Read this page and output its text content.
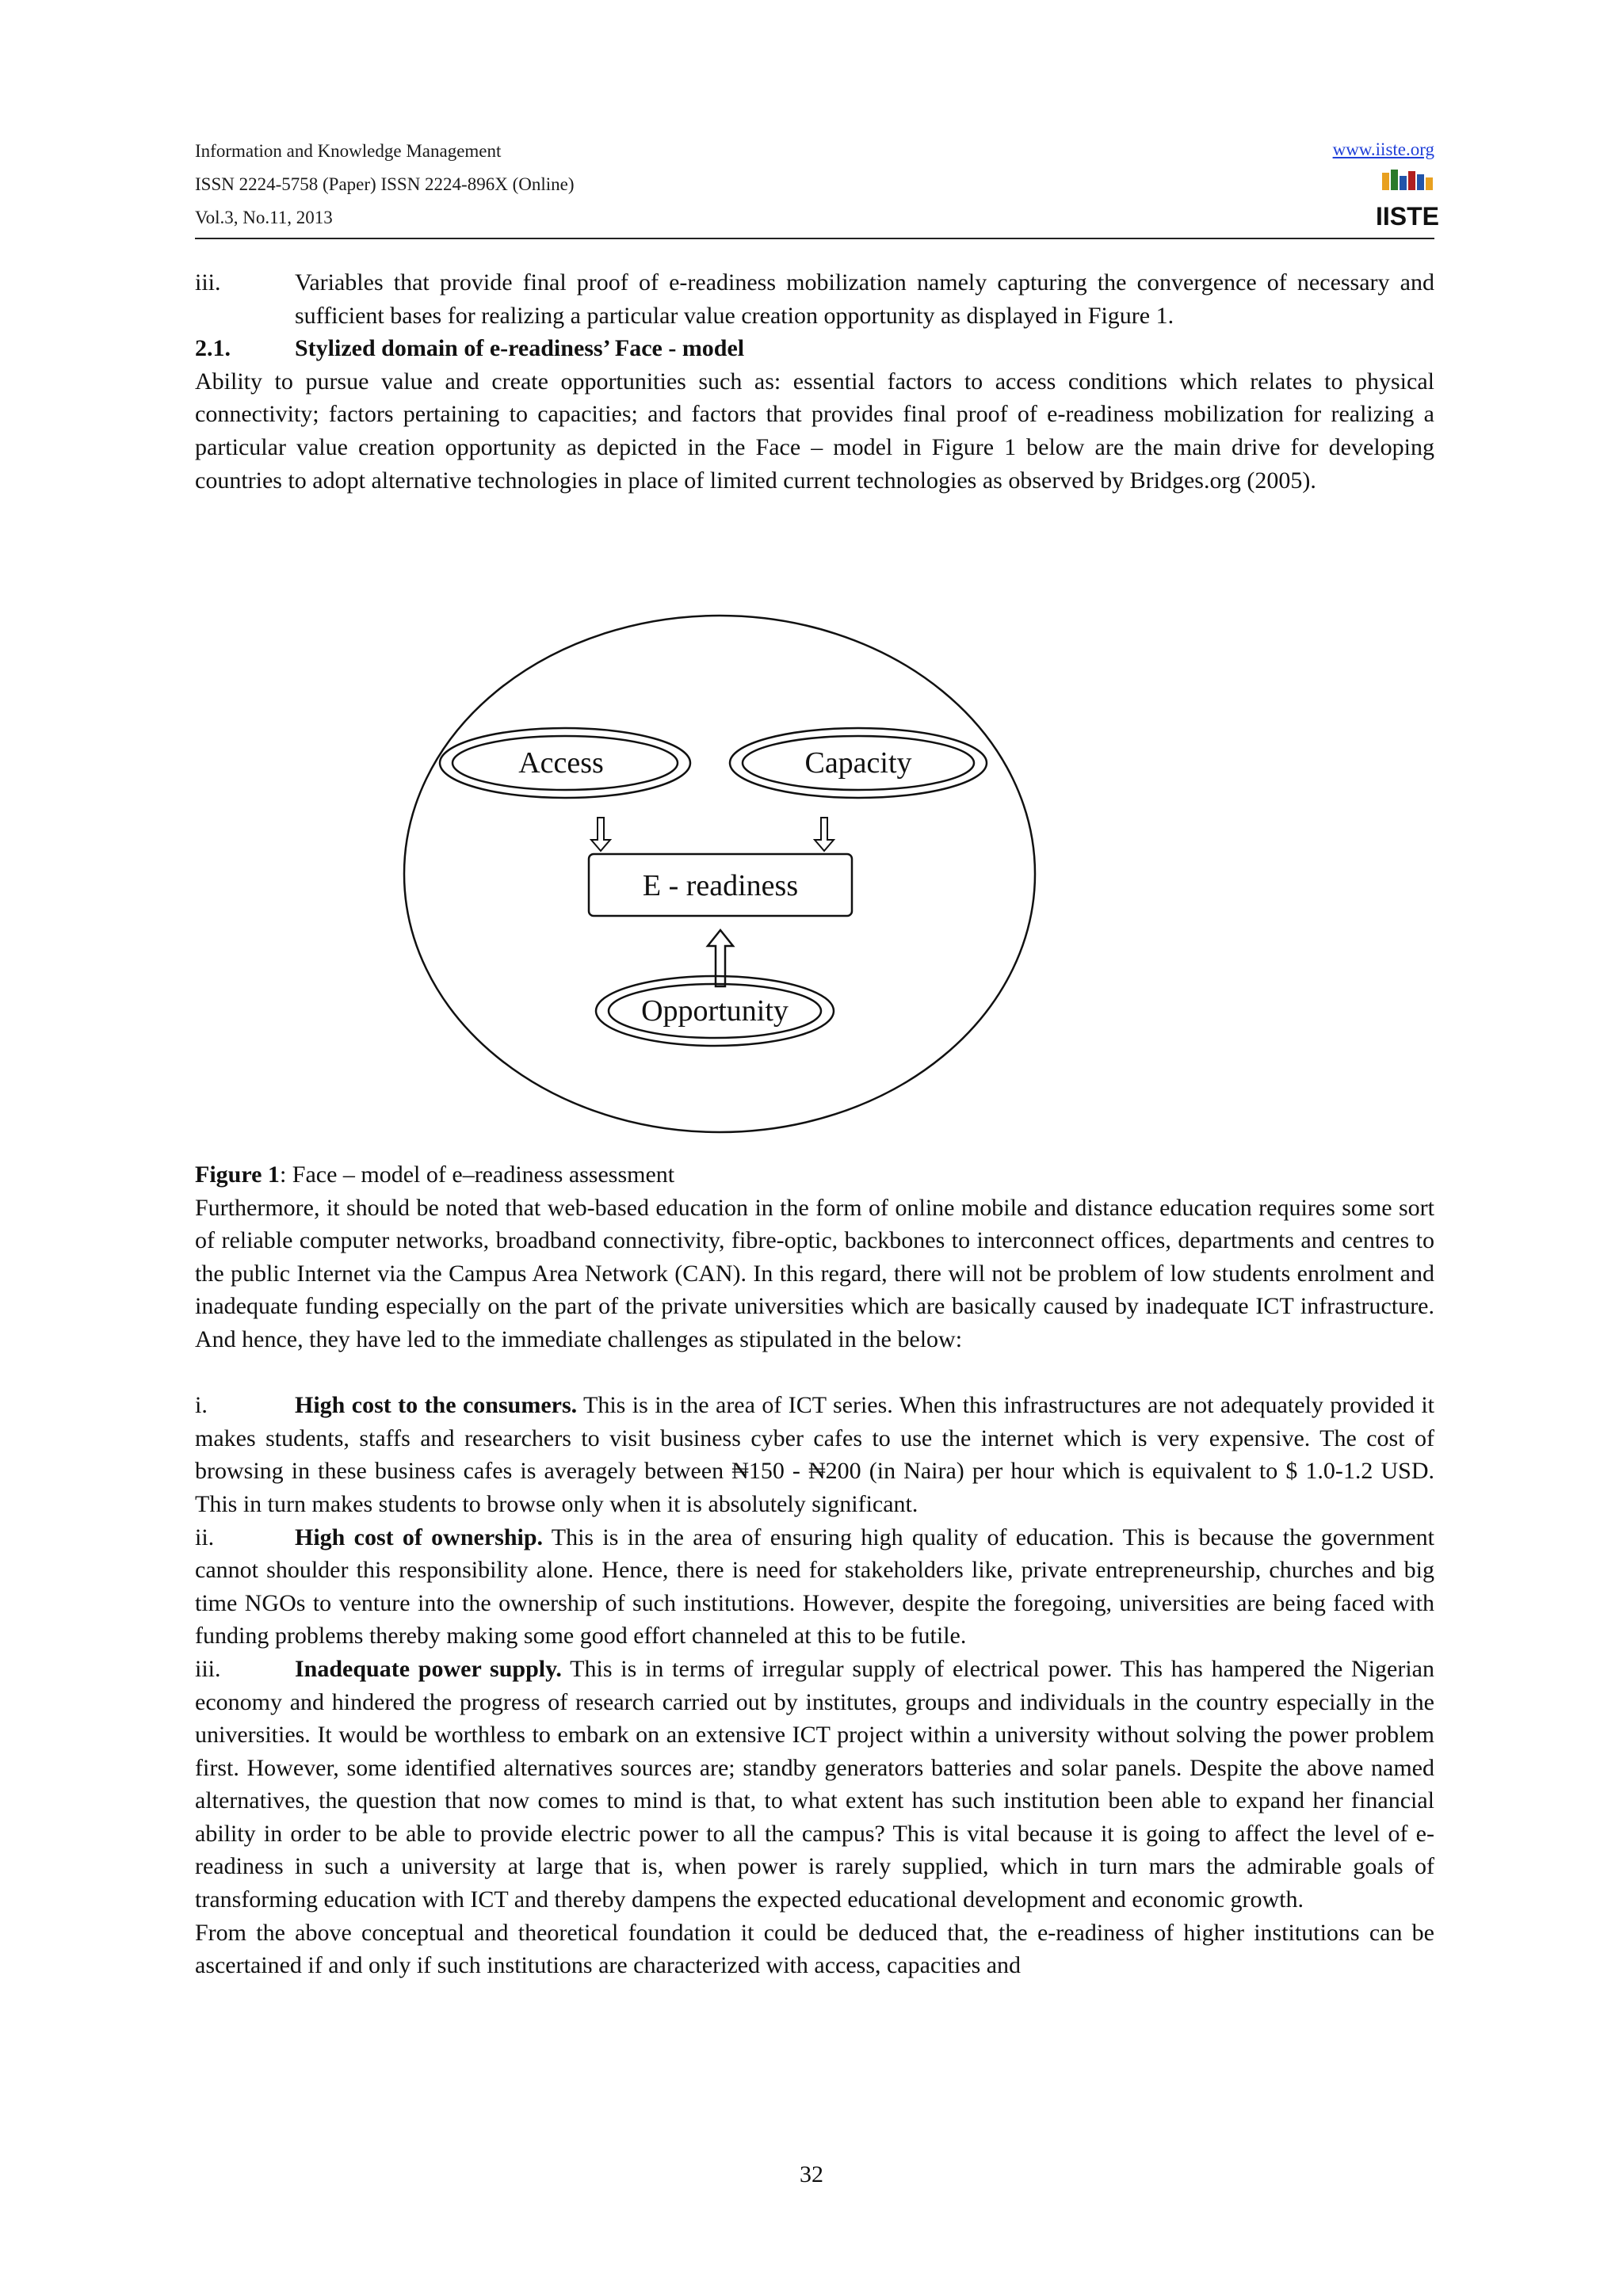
Information and Knowledge Management
ISSN 2224-5758 (Paper) ISSN 2224-896X (Online)
Vol.3, No.11, 2013
www.iiste.org
IISTE

iii.	Variables that provide final proof of e-readiness mobilization namely capturing the convergence of necessary and sufficient bases for realizing a particular value creation opportunity as displayed in Figure 1.

2.1.	Stylized domain of e-readiness’ Face - model

Ability to pursue value and create opportunities such as: essential factors to access conditions which relates to physical connectivity; factors pertaining to capacities; and factors that provides final proof of e-readiness mobilization for realizing a particular value creation opportunity as depicted in the Face – model in Figure 1 below are the main drive for developing countries to adopt alternative technologies in place of limited current technologies as observed by Bridges.org (2005).

Access	Capacity
E - readiness
Opportunity

Figure 1: Face – model of e–readiness assessment

Furthermore, it should be noted that web-based education in the form of online mobile and distance education requires some sort of reliable computer networks, broadband connectivity, fibre-optic, backbones to interconnect offices, departments and centres to the public Internet via the Campus Area Network (CAN). In this regard, there will not be problem of low students enrolment and inadequate funding especially on the part of the private universities which are basically caused by inadequate ICT infrastructure. And hence, they have led to the immediate challenges as stipulated in the below:

i.	High cost to the consumers. This is in the area of ICT series. When this infrastructures are not adequately provided it makes students, staffs and researchers to visit business cyber cafes to use the internet which is very expensive. The cost of browsing in these business cafes is averagely between ₦150 - ₦200 (in Naira) per hour which is equivalent to $ 1.0-1.2 USD. This in turn makes students to browse only when it is absolutely significant.

ii.	High cost of ownership. This is in the area of ensuring high quality of education. This is because the government cannot shoulder this responsibility alone. Hence, there is need for stakeholders like, private entrepreneurship, churches and big time NGOs to venture into the ownership of such institutions. However, despite the foregoing, universities are being faced with funding problems thereby making some good effort channeled at this to be futile.

iii.	Inadequate power supply. This is in terms of irregular supply of electrical power. This has hampered the Nigerian economy and hindered the progress of research carried out by institutes, groups and individuals in the country especially in the universities. It would be worthless to embark on an extensive ICT project within a university without solving the power problem first. However, some identified alternatives sources are; standby generators batteries and solar panels. Despite the above named alternatives, the question that now comes to mind is that, to what extent has such institution been able to expand her financial ability in order to be able to provide electric power to all the campus? This is vital because it is going to affect the level of e- readiness in such a university at large that is, when power is rarely supplied, which in turn mars the admirable goals of transforming education with ICT and thereby dampens the expected educational development and economic growth.

From the above conceptual and theoretical foundation it could be deduced that, the e-readiness of higher institutions can be ascertained if and only if such institutions are characterized with access, capacities and

32
